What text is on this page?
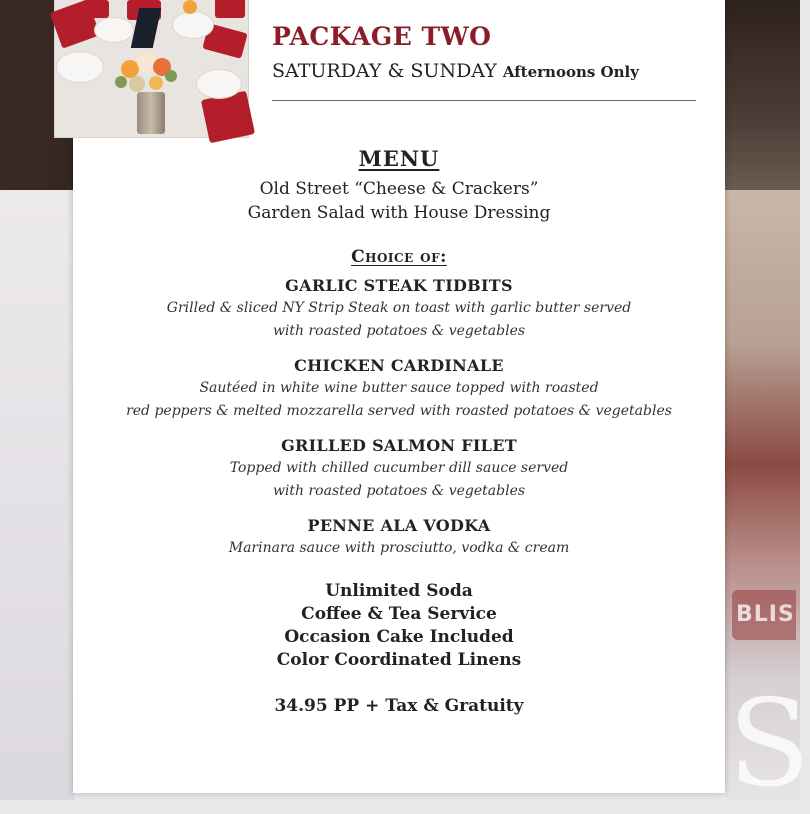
BLIS
S
PACKAGE TWO
SATURDAY & SUNDAY Afternoons Only
MENU
Old Street “Cheese & Crackers”
Garden Salad with House Dressing
Choice of:
GARLIC STEAK TIDBITS
Grilled & sliced NY Strip Steak on toast with garlic butter served
with roasted potatoes & vegetables
CHICKEN CARDINALE
Sautéed in white wine butter sauce topped with roasted
red peppers & melted mozzarella served with roasted potatoes & vegetables
GRILLED SALMON FILET
Topped with chilled cucumber dill sauce served
with roasted potatoes & vegetables
PENNE ALA VODKA
Marinara sauce with prosciutto, vodka & cream
Unlimited Soda
Coffee & Tea Service
Occasion Cake Included
Color Coordinated Linens
34.95 PP + Tax & Gratuity
